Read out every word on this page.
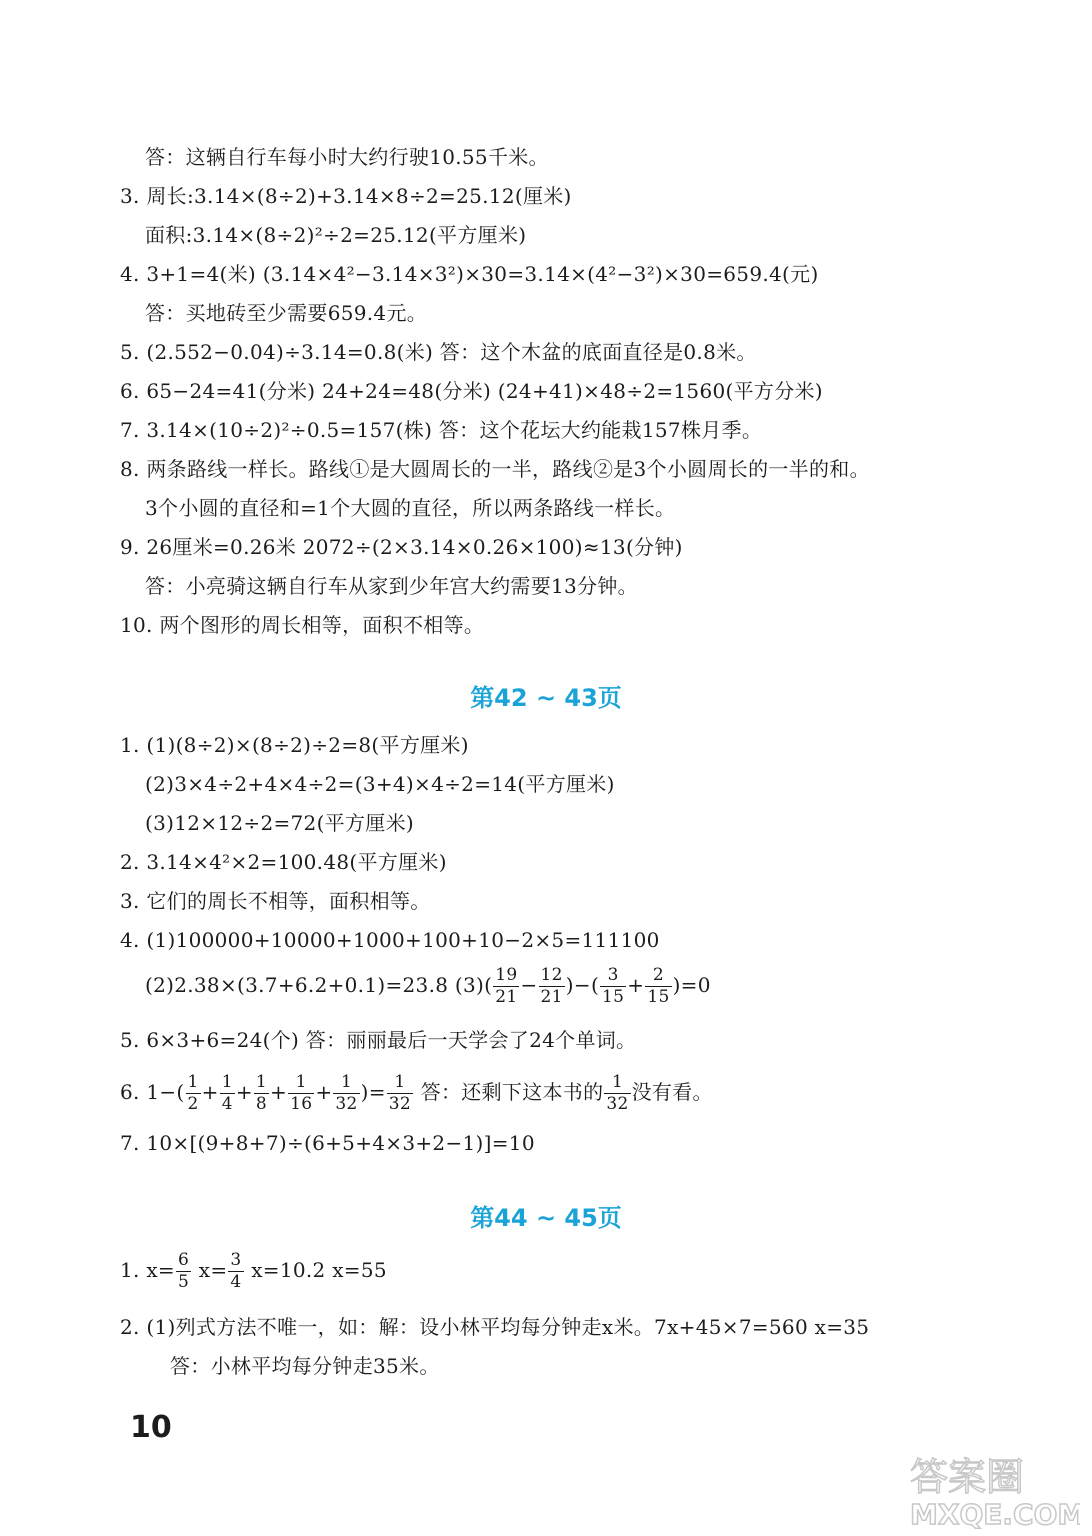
答：这辆自行车每小时大约行驶10.55千米。
3. 周长:3.14×(8÷2)+3.14×8÷2=25.12(厘米)
面积:3.14×(8÷2)²÷2=25.12(平方厘米)
4. 3+1=4(米) (3.14×4²−3.14×3²)×30=3.14×(4²−3²)×30=659.4(元)
答：买地砖至少需要659.4元。
5. (2.552−0.04)÷3.14=0.8(米) 答：这个木盆的底面直径是0.8米。
6. 65−24=41(分米) 24+24=48(分米) (24+41)×48÷2=1560(平方分米)
7. 3.14×(10÷2)²÷0.5=157(株) 答：这个花坛大约能栽157株月季。
8. 两条路线一样长。路线①是大圆周长的一半，路线②是3个小圆周长的一半的和。
3个小圆的直径和=1个大圆的直径，所以两条路线一样长。
9. 26厘米=0.26米 2072÷(2×3.14×0.26×100)≈13(分钟)
答：小亮骑这辆自行车从家到少年宫大约需要13分钟。
10. 两个图形的周长相等，面积不相等。
第42 ~ 43页
1. (1)(8÷2)×(8÷2)÷2=8(平方厘米)
(2)3×4÷2+4×4÷2=(3+4)×4÷2=14(平方厘米)
(3)12×12÷2=72(平方厘米)
2. 3.14×4²×2=100.48(平方厘米)
3. 它们的周长不相等，面积相等。
4. (1)100000+10000+1000+100+10−2×5=111100
(2)2.38×(3.7+6.2+0.1)=23.8 $(3)( \frac{19}{21} - \frac{12}{21}$ )−( $\frac{3}{15} + \frac{2}{15} )=0$
5. 6×3+6=24(个) 答：丽丽最后一天学会了24个单词。
6. $1-( \frac{1}{2} + \frac{1}{4} + \frac{1}{8} + \frac{1}{16} + \frac{1}{32}$ )= $\frac{1}{32}$ 答：还剩下这本书的 $\frac{1}{32}$ 没有看。
7. 10×[(9+8+7)÷(6+5+4×3+2−1)]=10
第44 ~ 45页
1. $x= \frac{6}{5} x= \frac{3}{4} x=10.2$ x=55
2. (1)列式方法不唯一，如：解：设小林平均每分钟走x米。7x+45×7=560 x=35
答：小林平均每分钟走35米。
10
答案圈
MXQE.COM
